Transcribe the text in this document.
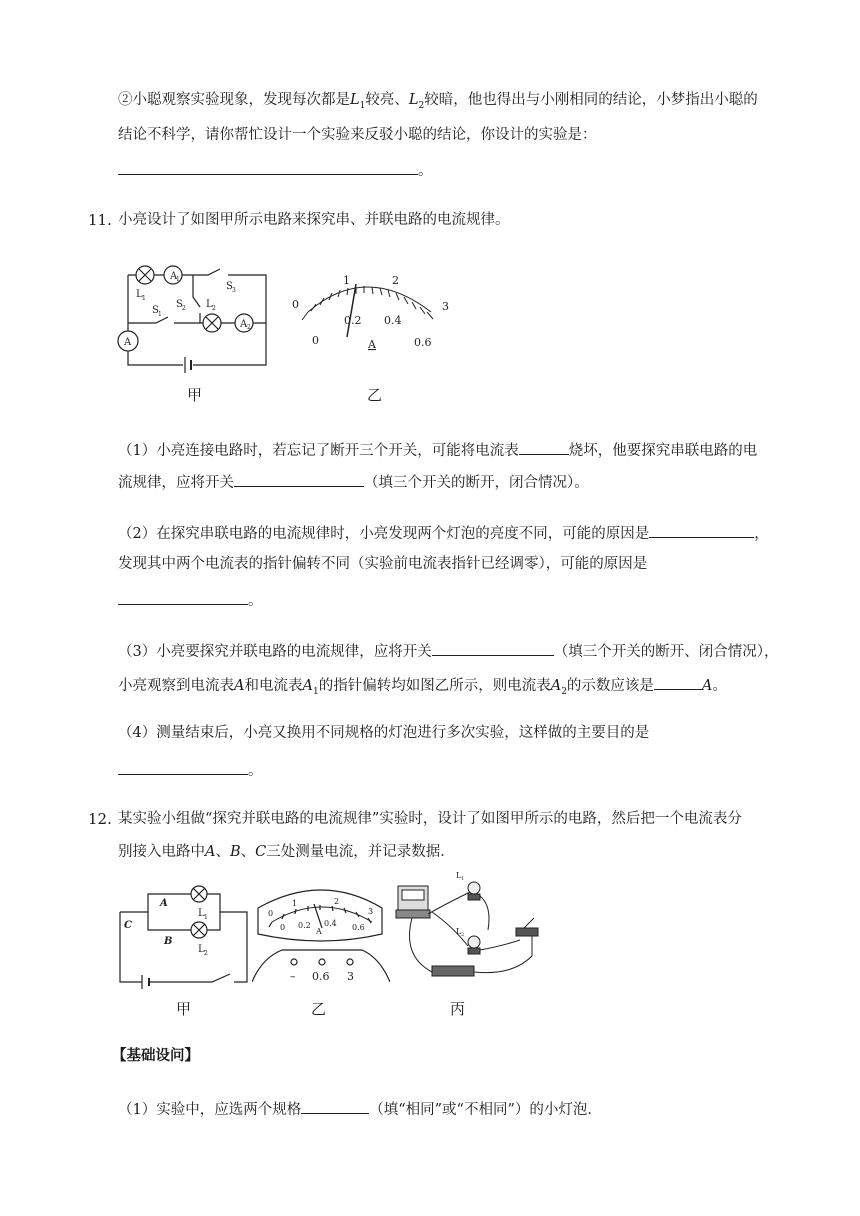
②小聪观察实验现象，发现每次都是$L_1$较亮、$L_2$较暗，他也得出与小刚相同的结论，小梦指出小聪的
结论不科学，请你帮忙设计一个实验来反驳小聪的结论，你设计的实验是：
。
11. 小亮设计了如图甲所示电路来探究串、并联电路的电流规律。
A
1
A 2
A
L 1
L 2
S 2
S 3
S 1
甲
0
1	2
3
0
0.2 0.4
0.6
A
乙
（1）小亮连接电路时，若忘记了断开三个开关，可能将电流表	烧坏，他要探究串联电路的电
流规律，应将开关	（填三个开关的断开，闭合情况）。
（2）在探究串联电路的电流规律时，小亮发现两个灯泡的亮度不同，可能的原因是	，
发现其中两个电流表的指针偏转不同（实验前电流表指针已经调零），可能的原因是
。
（3）小亮要探究并联电路的电流规律，应将开关	（填三个开关的断开、闭合情况），
小亮观察到电流表A和电流表$A_1$的指针偏转均如图乙所示，则电流表$A_2$的示数应该是	A。
（4）测量结束后，小亮又换用不同规格的灯泡进行多次实验，这样做的主要目的是
。
12. 某实验小组做“探究并联电路的电流规律”实验时，设计了如图甲所示的电路，然后把一个电流表分
别接入电路中A、B、C三处测量电流，并记录数据．
A
B
C
L 1
L 2
甲
0
1	2
3
0 0.2 0.4 0.6
A
– 0.6 3
乙
L 1
L 2
丙
【基础设问】
（1）实验中，应选两个规格	（填“相同”或“不相同”）的小灯泡．
